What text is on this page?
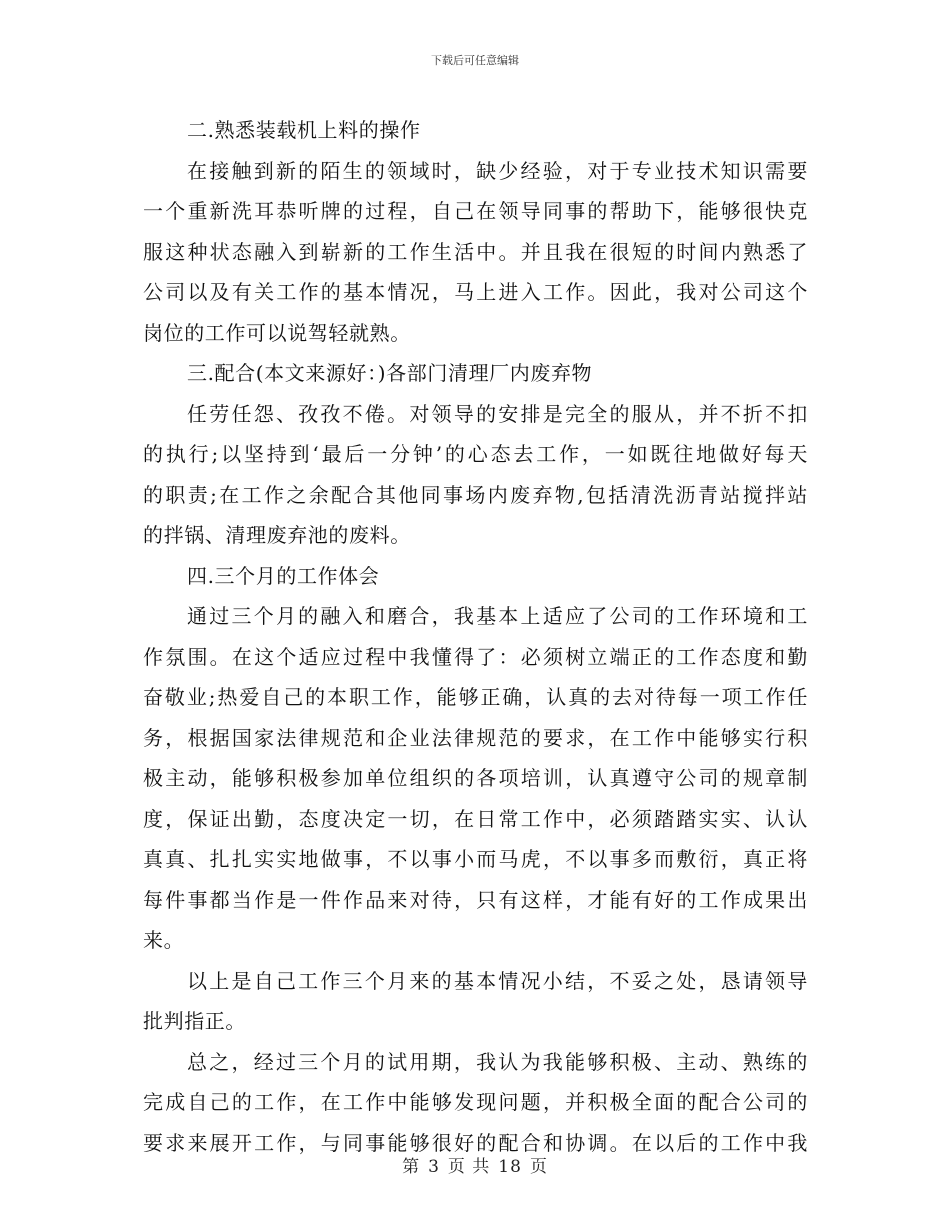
下载后可任意编辑
二.熟悉装载机上料的操作
在接触到新的陌生的领域时，缺少经验，对于专业技术知识需要
一个重新洗耳恭听牌的过程，自己在领导同事的帮助下，能够很快克
服这种状态融入到崭新的工作生活中。并且我在很短的时间内熟悉了
公司以及有关工作的基本情况，马上进入工作。因此，我对公司这个
岗位的工作可以说驾轻就熟。
三.配合(本文来源好：)各部门清理厂内废弃物
任劳任怨、孜孜不倦。对领导的安排是完全的服从，并不折不扣
的执行;以坚持到‘最后一分钟’的心态去工作，一如既往地做好每天
的职责;在工作之余配合其他同事场内废弃物,包括清洗沥青站搅拌站
的拌锅、清理废弃池的废料。
四.三个月的工作体会
通过三个月的融入和磨合，我基本上适应了公司的工作环境和工
作氛围。在这个适应过程中我懂得了：必须树立端正的工作态度和勤
奋敬业;热爱自己的本职工作，能够正确，认真的去对待每一项工作任
务，根据国家法律规范和企业法律规范的要求，在工作中能够实行积
极主动，能够积极参加单位组织的各项培训，认真遵守公司的规章制
度，保证出勤，态度决定一切，在日常工作中，必须踏踏实实、认认
真真、扎扎实实地做事，不以事小而马虎，不以事多而敷衍，真正将
每件事都当作是一件作品来对待，只有这样，才能有好的工作成果出
来。
以上是自己工作三个月来的基本情况小结，不妥之处，恳请领导
批判指正。
总之，经过三个月的试用期，我认为我能够积极、主动、熟练的
完成自己的工作，在工作中能够发现问题，并积极全面的配合公司的
要求来展开工作，与同事能够很好的配合和协调。在以后的工作中我
第 3 页 共 18 页
